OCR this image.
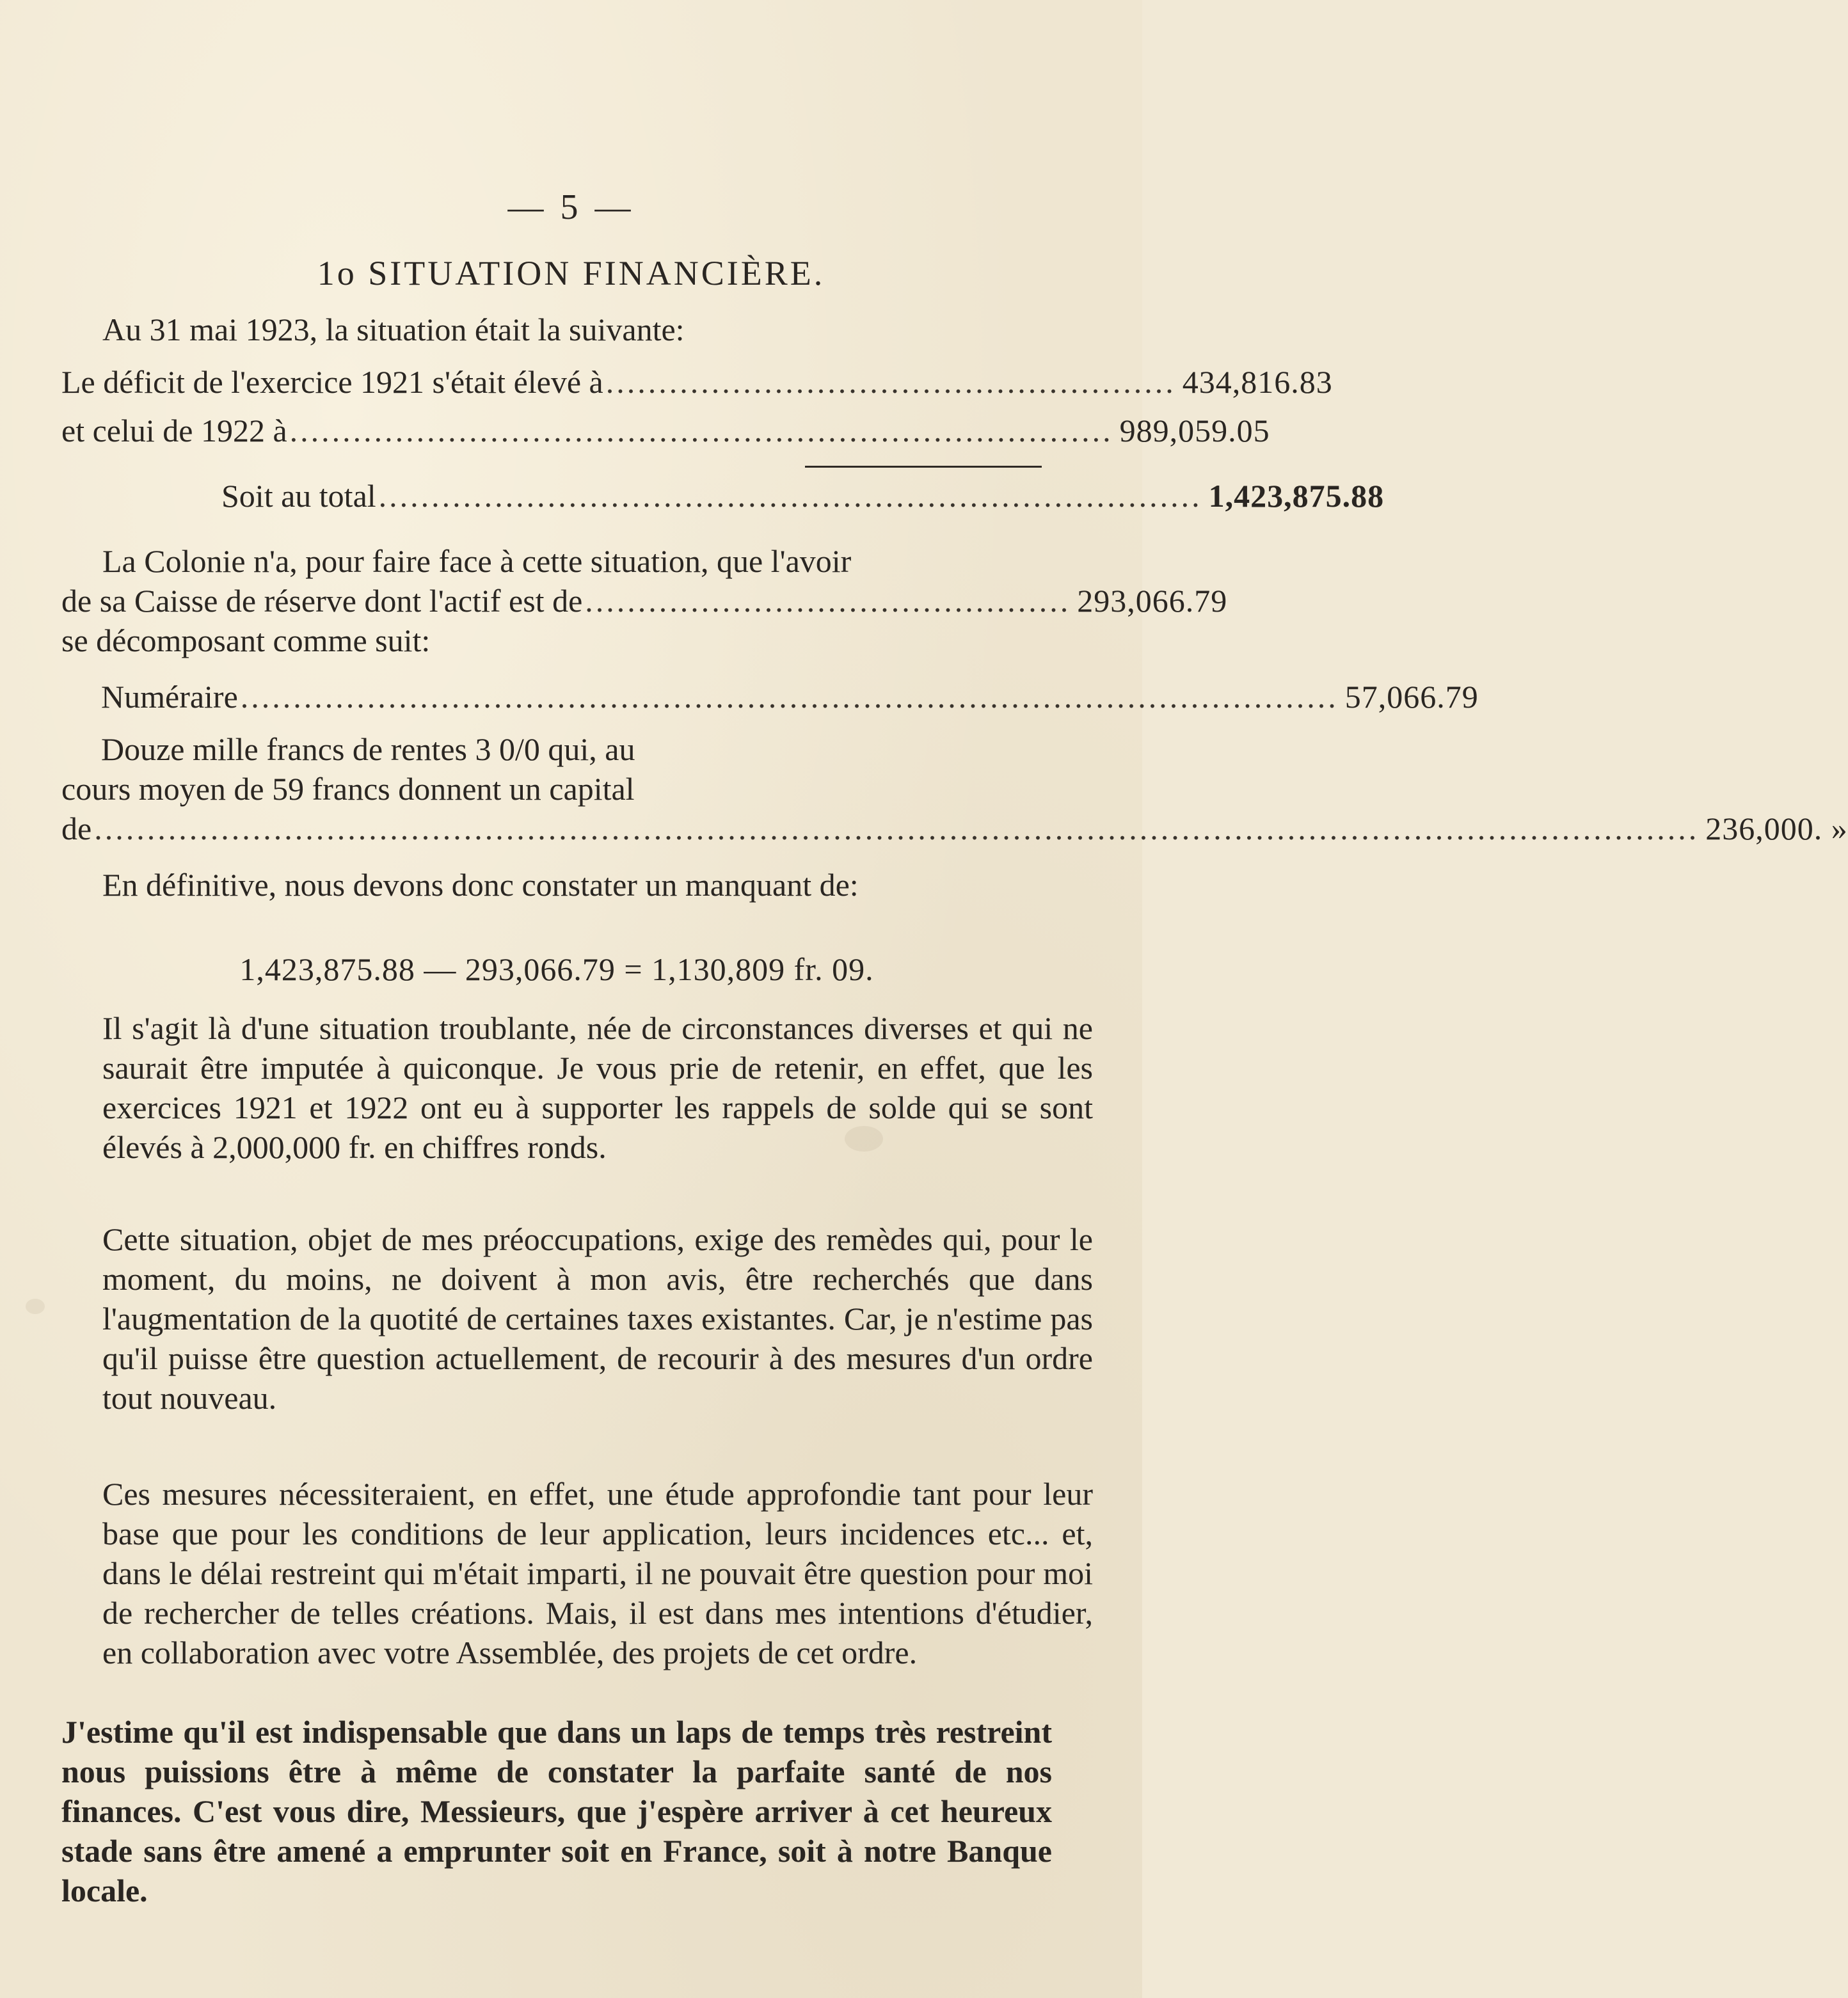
— 5 —
1o SITUATION FINANCIÈRE.
Au 31 mai 1923, la situation était la suivante:
Le déficit de l'exercice 1921 s'était élevé à ...................................................... 434,816.83
et celui de 1922 à .............................................................................. 989,059.05
Soit au total .............................................................................. 1,423,875.88
La Colonie n'a, pour faire face à cette situation, que l'avoir
de sa Caisse de réserve dont l'actif est de .............................................. 293,066.79
se décomposant comme suit:
Numéraire ........................................................................................................ 57,066.79
Douze mille francs de rentes 3 0/0 qui, au
cours moyen de 59 francs donnent un capital
de ........................................................................................................................................................ 236,000. »
En définitive, nous devons donc constater un manquant de:
1,423,875.88 — 293,066.79 = 1,130,809 fr. 09.
Il s'agit là d'une situation troublante, née de circonstances diverses et qui ne saurait être imputée à quiconque. Je vous prie de retenir, en effet, que les exercices 1921 et 1922 ont eu à supporter les rappels de solde qui se sont élevés à 2,000,000 fr. en chiffres ronds.
Cette situation, objet de mes préoccupations, exige des remèdes qui, pour le moment, du moins, ne doivent à mon avis, être recherchés que dans l'augmentation de la quotité de certaines taxes existantes. Car, je n'estime pas qu'il puisse être question actuellement, de recourir à des mesures d'un ordre tout nouveau.
Ces mesures nécessiteraient, en effet, une étude approfondie tant pour leur base que pour les conditions de leur application, leurs incidences etc... et, dans le délai restreint qui m'était imparti, il ne pouvait être question pour moi de rechercher de telles créations. Mais, il est dans mes intentions d'étudier, en collaboration avec votre Assemblée, des projets de cet ordre.
J'estime qu'il est indispensable que dans un laps de temps très restreint nous puissions être à même de constater la parfaite santé de nos finances. C'est vous dire, Messieurs, que j'espère arriver à cet heureux stade sans être amené a emprunter soit en France, soit à notre Banque locale.
